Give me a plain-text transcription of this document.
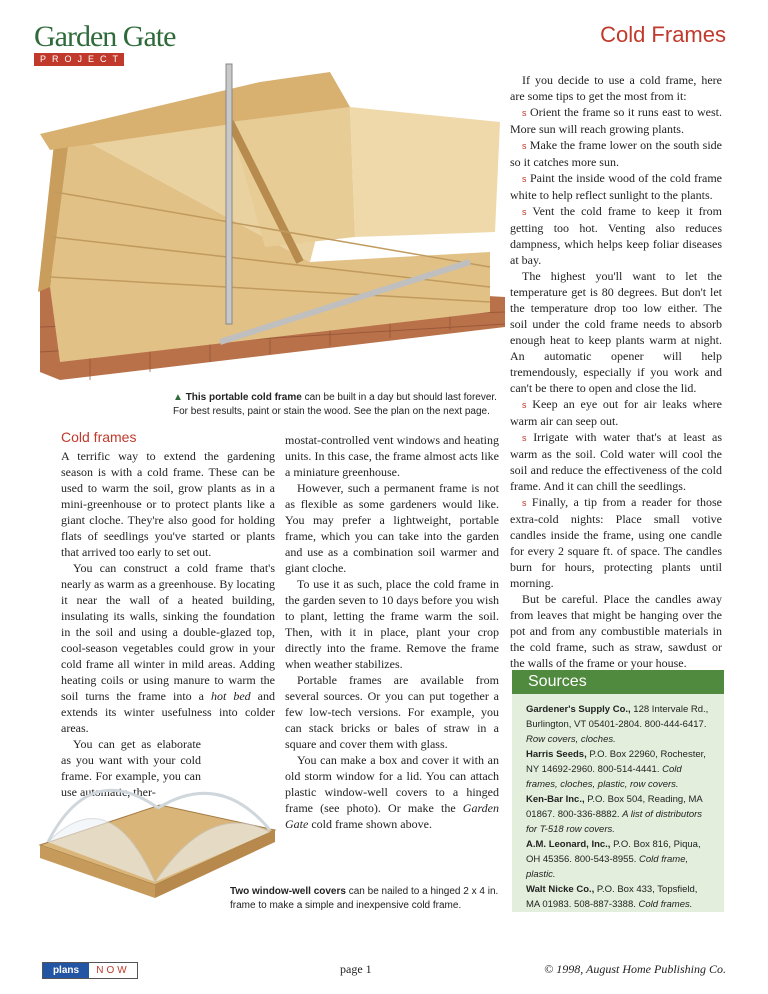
Garden Gate
PROJECT
Cold Frames
▲ This portable cold frame can be built in a day but should last forever. For best results, paint or stain the wood. See the plan on the next page.
Cold frames

A terrific way to extend the gardening season is with a cold frame. These can be used to warm the soil, grow plants as in a mini-greenhouse or to protect plants like a giant cloche. They're also good for holding flats of seedlings you've started or plants that arrived too early to set out.

You can construct a cold frame that's nearly as warm as a greenhouse. By locating it near the wall of a heated building, insulating its walls, sinking the foundation in the soil and using a double-glazed top, cool-season vegetables could grow in your cold frame all winter in mild areas. Adding heating coils or using manure to warm the soil turns the frame into a hot bed and extends its winter usefulness into colder areas.

You can get as elaborate as you want with your cold frame. For example, you can use automatic, ther-

Two window-well covers can be nailed to a hinged 2 x 4 in. frame to make a simple and inexpensive cold frame.

mostat-controlled vent windows and heating units. In this case, the frame almost acts like a miniature greenhouse.

However, such a permanent frame is not as flexible as some gardeners would like. You may prefer a lightweight, portable frame, which you can take into the garden and use as a combination soil warmer and giant cloche.

To use it as such, place the cold frame in the garden seven to 10 days before you wish to plant, letting the frame warm the soil. Then, with it in place, plant your crop directly into the frame. Remove the frame when weather stabilizes.

Portable frames are available from several sources. Or you can put together a few low-tech versions. For example, you can stack bricks or bales of straw in a square and cover them with glass.

You can make a box and cover it with an old storm window for a lid. You can attach plastic window-well covers to a hinged frame (see photo). Or make the Garden Gate cold frame shown above.

If you decide to use a cold frame, here are some tips to get the most from it:

s Orient the frame so it runs east to west. More sun will reach growing plants.

s Make the frame lower on the south side so it catches more sun.

s Paint the inside wood of the cold frame white to help reflect sunlight to the plants.

s Vent the cold frame to keep it from getting too hot. Venting also reduces dampness, which helps keep foliar diseases at bay.

The highest you'll want to let the temperature get is 80 degrees. But don't let the temperature drop too low either. The soil under the cold frame needs to absorb enough heat to keep plants warm at night. An automatic opener will help tremendously, especially if you work and can't be there to open and close the lid.

s Keep an eye out for air leaks where warm air can seep out.

s Irrigate with water that's at least as warm as the soil. Cold water will cool the soil and reduce the effectiveness of the cold frame. And it can chill the seedlings.

s Finally, a tip from a reader for those extra-cold nights: Place small votive candles inside the frame, using one candle for every 2 square ft. of space. The candles burn for hours, protecting plants until morning.

But be careful. Place the candles away from leaves that might be hanging over the pot and from any combustible materials in the cold frame, such as straw, sawdust or the walls of the frame or your house.

Sources

Gardener's Supply Co., 128 Intervale Rd., Burlington, VT 05401-2804. 800-444-6417. Row covers, cloches.

Harris Seeds, P.O. Box 22960, Rochester, NY 14692-2960. 800-514-4441. Cold frames, cloches, plastic, row covers.

Ken-Bar Inc., P.O. Box 504, Reading, MA 01867. 800-336-8882. A list of distributors for T-518 row covers.

A.M. Leonard, Inc., P.O. Box 816, Piqua, OH 45356. 800-543-8955. Cold frame, plastic.

Walt Nicke Co., P.O. Box 433, Topsfield, MA 01983. 508-887-3388. Cold frames.

plans	NOW	page 1	© 1998, August Home Publishing Co.
